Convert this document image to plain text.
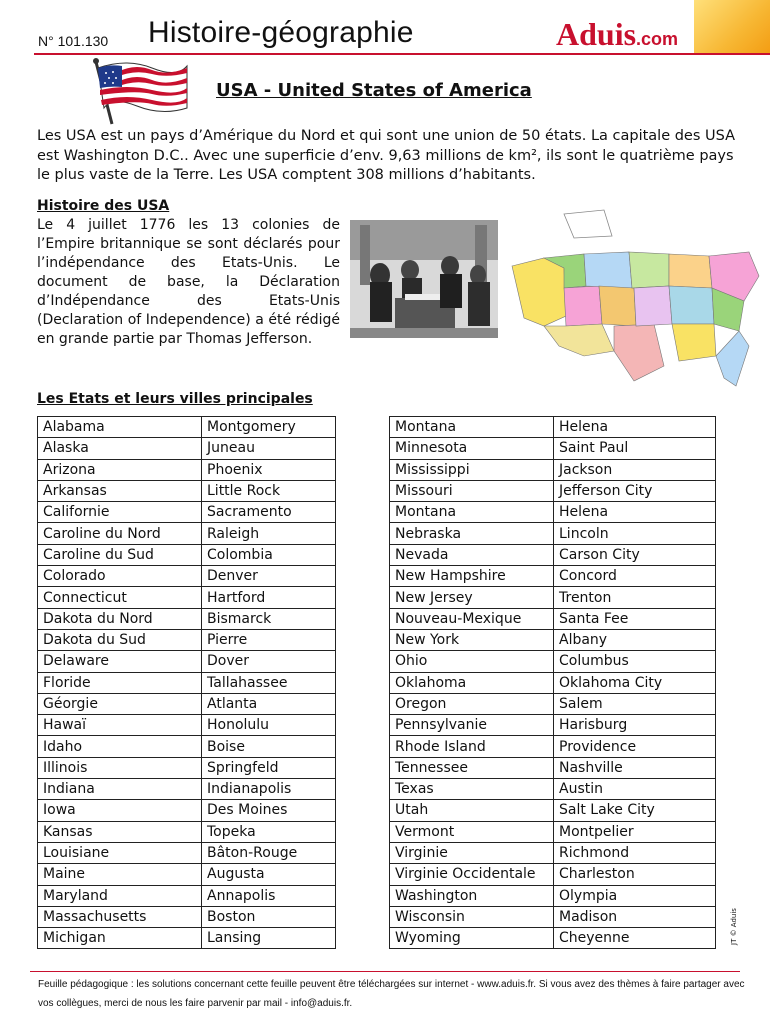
N° 101.130 Histoire-géographie	Aduis.com
USA - United States of America

Les USA est un pays d’Amérique du Nord et qui sont une union de 50 états. La capitale des USA est Washington D.C.. Avec une superficie d’env. 9,63 millions de km², ils sont le quatrième pays le plus vaste de la Terre. Les USA comptent 308 millions d’habitants.

Histoire des USA

Le 4 juillet 1776 les 13 colonies de l’Empire britannique se sont déclarés pour l’indépendance des Etats-Unis. Le document de base, la Déclaration d’Indépendance des Etats-Unis (Declaration of Independence) a été rédigé en grande partie par Thomas Jefferson.

Les Etats et leurs villes principales
Alabama	Montgomery
Alaska	Juneau
Arizona	Phoenix
Arkansas	Little Rock
Californie	Sacramento
Caroline du Nord	Raleigh
Caroline du Sud	Colombia
Colorado	Denver
Connecticut	Hartford
Dakota du Nord	Bismarck
Dakota du Sud	Pierre
Delaware	Dover
Floride	Tallahassee
Géorgie	Atlanta
Hawaï	Honolulu
Idaho	Boise
Illinois	Springfeld
Indiana	Indianapolis
Iowa	Des Moines
Kansas	Topeka
Louisiane	Bâton-Rouge
Maine	Augusta
Maryland	Annapolis
Massachusetts	Boston
Michigan	Lansing
Montana	Helena
Minnesota	Saint Paul
Mississippi	Jackson
Missouri	Jefferson City
Montana	Helena
Nebraska	Lincoln
Nevada	Carson City
New Hampshire	Concord
New Jersey	Trenton
Nouveau-Mexique	Santa Fee
New York	Albany
Ohio	Columbus
Oklahoma	Oklahoma City
Oregon	Salem
Pennsylvanie	Harisburg
Rhode Island	Providence
Tennessee	Nashville
Texas	Austin
Utah	Salt Lake City
Vermont	Montpelier
Virginie	Richmond
Virginie Occidentale	Charleston
Washington	Olympia
Wisconsin	Madison
Wyoming	Cheyenne	JT © Aduis

Feuille pédagogique : les solutions concernant cette feuille peuvent être téléchargées sur internet - www.aduis.fr. Si vous avez des thèmes à faire partager avec vos collègues, merci de nous les faire parvenir par mail - info@aduis.fr.
